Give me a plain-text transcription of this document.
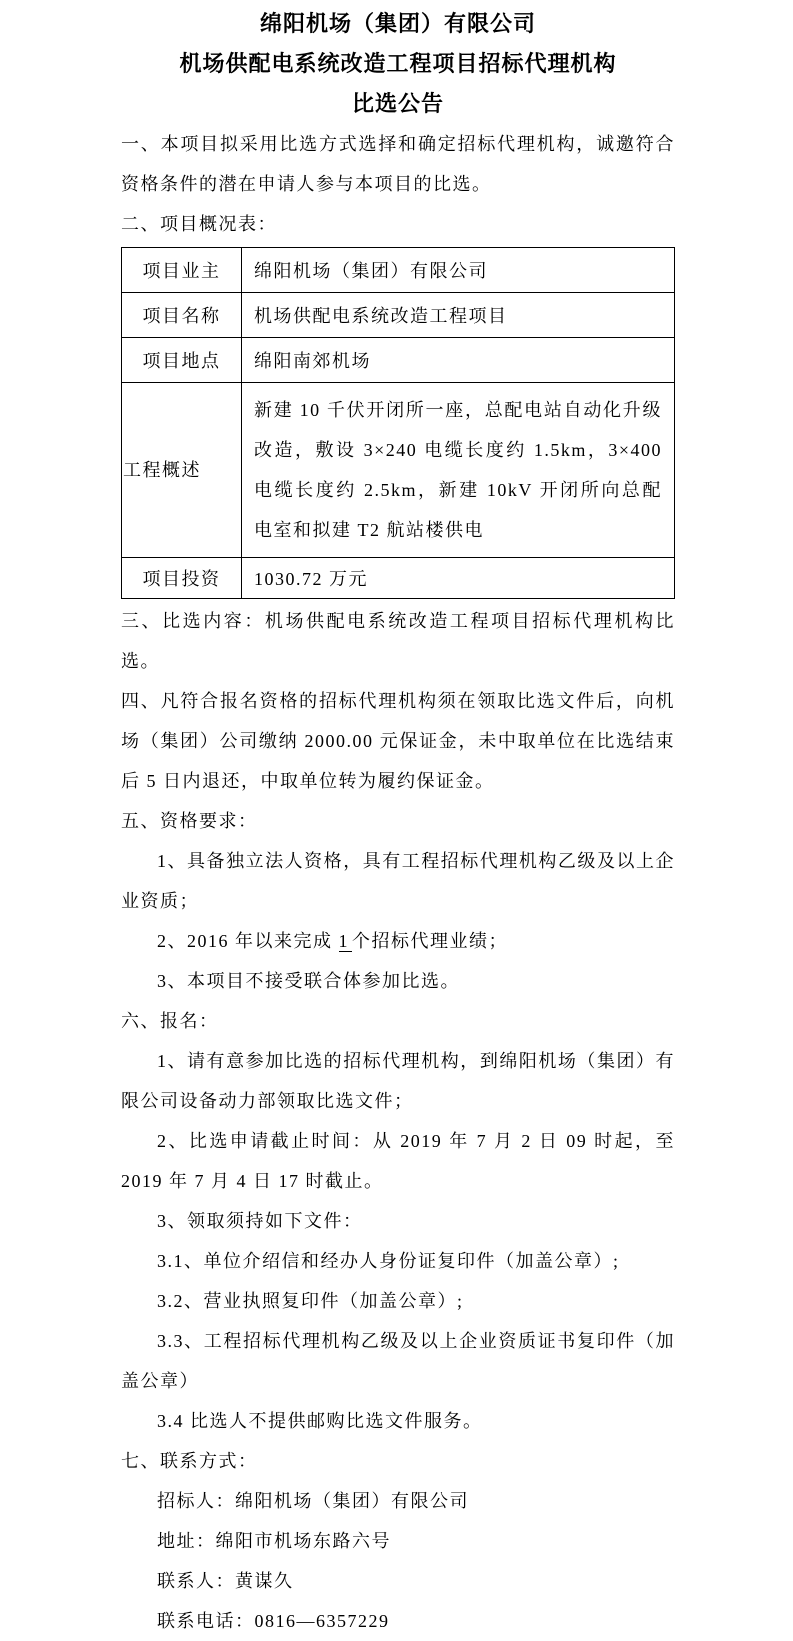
绵阳机场（集团）有限公司
机场供配电系统改造工程项目招标代理机构
比选公告

一、本项目拟采用比选方式选择和确定招标代理机构，诚邀符合资格条件的潜在申请人参与本项目的比选。

二、项目概况表：

项目业主	绵阳机场（集团）有限公司
项目名称	机场供配电系统改造工程项目
项目地点	绵阳南郊机场
工程概述	新建 10 千伏开闭所一座，总配电站自动化升级改造，敷设 3×240 电缆长度约 1.5km，3×400 电缆长度约 2.5km，新建 10kV 开闭所向总配电室和拟建 T2 航站楼供电
项目投资	1030.72 万元

三、比选内容：机场供配电系统改造工程项目招标代理机构比选。

四、凡符合报名资格的招标代理机构须在领取比选文件后，向机场（集团）公司缴纳 2000.00 元保证金，未中取单位在比选结束后 5 日内退还，中取单位转为履约保证金。

五、资格要求：

1、具备独立法人资格，具有工程招标代理机构乙级及以上企业资质；

2、2016 年以来完成 1 个招标代理业绩；

3、本项目不接受联合体参加比选。

六、报名：

1、请有意参加比选的招标代理机构，到绵阳机场（集团）有限公司设备动力部领取比选文件；

2、比选申请截止时间：从 2019 年 7 月 2 日 09 时起，至 2019 年 7 月 4 日 17 时截止。

3、领取须持如下文件：

3.1、单位介绍信和经办人身份证复印件（加盖公章）;

3.2、营业执照复印件（加盖公章）;

3.3、工程招标代理机构乙级及以上企业资质证书复印件（加盖公章）

3.4 比选人不提供邮购比选文件服务。

七、联系方式：

招标人：绵阳机场（集团）有限公司

地址：绵阳市机场东路六号

联系人：黄谋久

联系电话：0816—6357229
